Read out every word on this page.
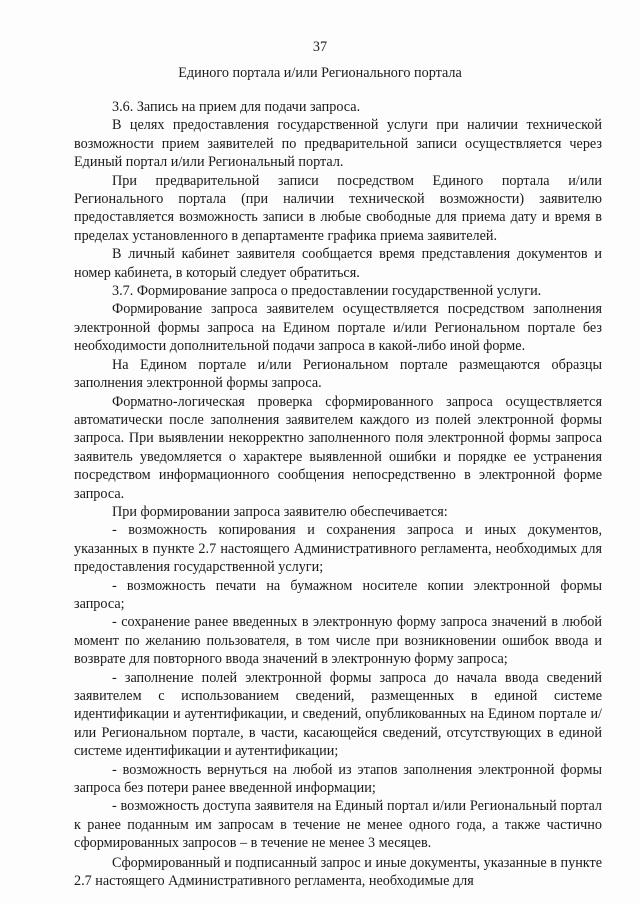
37
Единого портала и/или Регионального портала

3.6. Запись на прием для подачи запроса.

В целях предоставления государственной услуги при наличии технической возможности прием заявителей по предварительной записи осуществляется через Единый портал и/или Региональный портал.

При предварительной записи посредством Единого портала и/или Регионального портала (при наличии технической возможности) заявителю предоставляется возможность записи в любые свободные для приема дату и время в пределах установленного в департаменте графика приема заявителей.

В личный кабинет заявителя сообщается время представления документов и номер кабинета, в который следует обратиться.

3.7. Формирование запроса о предоставлении государственной услуги.

Формирование запроса заявителем осуществляется посредством заполнения электронной формы запроса на Едином портале и/или Региональном портале без необходимости дополнительной подачи запроса в какой-либо иной форме.

На Едином портале и/или Региональном портале размещаются образцы заполнения электронной формы запроса.

Форматно-логическая проверка сформированного запроса осуществляется автоматически после заполнения заявителем каждого из полей электронной формы запроса. При выявлении некорректно заполненного поля электронной формы запроса заявитель уведомляется о характере выявленной ошибки и порядке ее устранения посредством информационного сообщения непосредственно в электронной форме запроса.

При формировании запроса заявителю обеспечивается:

- возможность копирования и сохранения запроса и иных документов, указанных в пункте 2.7 настоящего Административного регламента, необходимых для предоставления государственной услуги;

- возможность печати на бумажном носителе копии электронной формы запроса;

- сохранение ранее введенных в электронную форму запроса значений в любой момент по желанию пользователя, в том числе при возникновении ошибок ввода и возврате для повторного ввода значений в электронную форму запроса;

- заполнение полей электронной формы запроса до начала ввода сведений заявителем с использованием сведений, размещенных в единой системе идентификации и аутентификации, и сведений, опубликованных на Едином портале и/или Региональном портале, в части, касающейся сведений, отсутствующих в единой системе идентификации и аутентификации;

- возможность вернуться на любой из этапов заполнения электронной формы запроса без потери ранее введенной информации;

- возможность доступа заявителя на Единый портал и/или Региональный портал к ранее поданным им запросам в течение не менее одного года, а также частично сформированных запросов – в течение не менее 3 месяцев.

Сформированный и подписанный запрос и иные документы, указанные в пункте 2.7 настоящего Административного регламента, необходимые для
